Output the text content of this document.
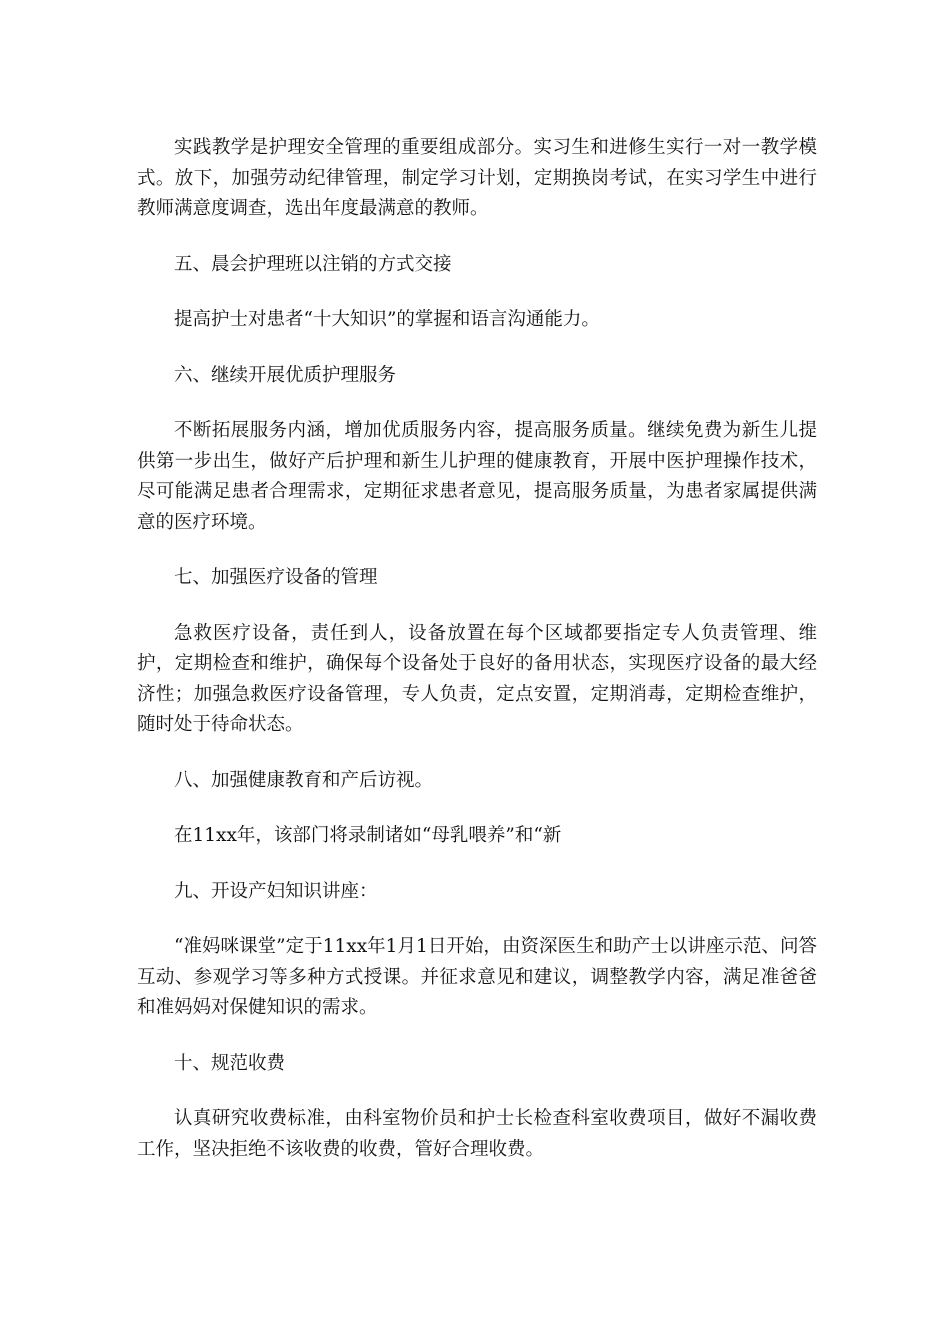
实践教学是护理安全管理的重要组成部分。实习生和进修生实行一对一教学模式。放下，加强劳动纪律管理，制定学习计划，定期换岗考试，在实习学生中进行教师满意度调查，选出年度最满意的教师。

五、晨会护理班以注销的方式交接

提高护士对患者“十大知识”的掌握和语言沟通能力。

六、继续开展优质护理服务

不断拓展服务内涵，增加优质服务内容，提高服务质量。继续免费为新生儿提供第一步出生，做好产后护理和新生儿护理的健康教育，开展中医护理操作技术，尽可能满足患者合理需求，定期征求患者意见，提高服务质量，为患者家属提供满意的医疗环境。

七、加强医疗设备的管理

急救医疗设备，责任到人，设备放置在每个区域都要指定专人负责管理、维护，定期检查和维护，确保每个设备处于良好的备用状态，实现医疗设备的最大经济性；加强急救医疗设备管理，专人负责，定点安置，定期消毒，定期检查维护，随时处于待命状态。

八、加强健康教育和产后访视。

在11xx年，该部门将录制诸如“母乳喂养”和“新

九、开设产妇知识讲座：

“准妈咪课堂”定于11xx年1月1日开始，由资深医生和助产士以讲座示范、问答互动、参观学习等多种方式授课。并征求意见和建议，调整教学内容，满足准爸爸和准妈妈对保健知识的需求。

十、规范收费

认真研究收费标准，由科室物价员和护士长检查科室收费项目，做好不漏收费工作，坚决拒绝不该收费的收费，管好合理收费。
